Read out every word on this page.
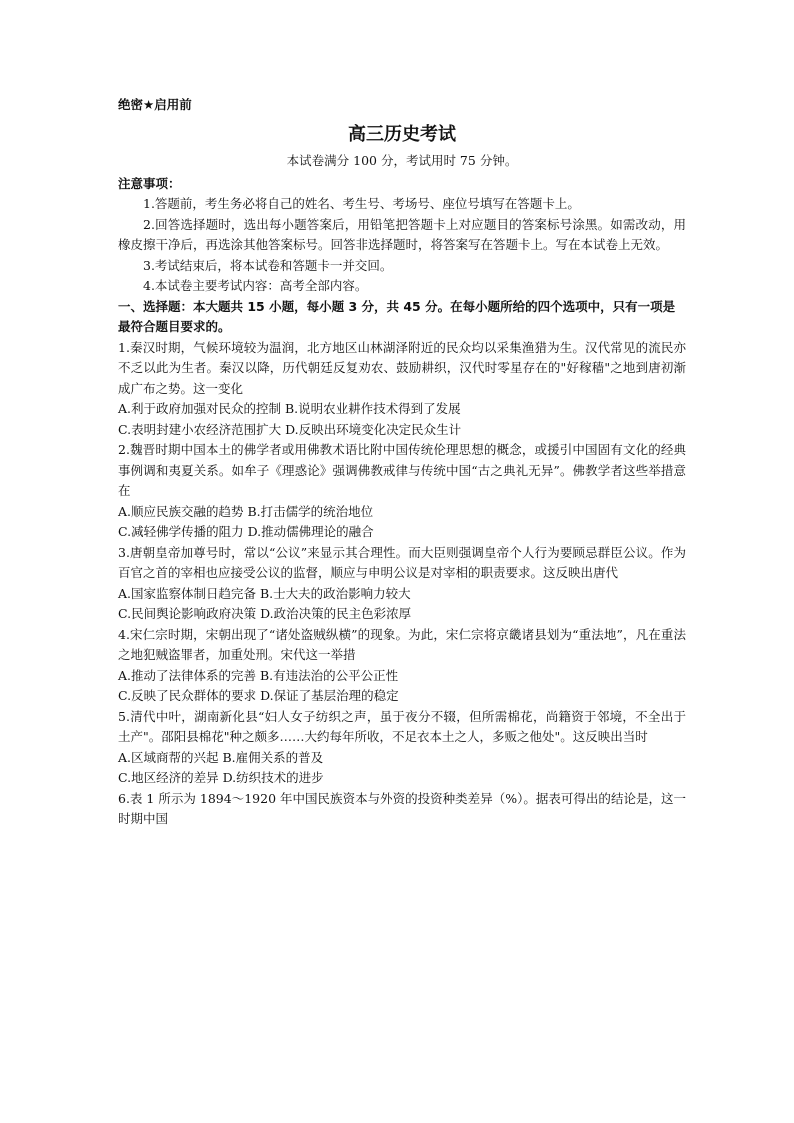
绝密★启用前

高三历史考试
本试卷满分 100 分，考试用时 75 分钟。
注意事项：

1.答题前，考生务必将自己的姓名、考生号、考场号、座位号填写在答题卡上。

2.回答选择题时，选出每小题答案后，用铅笔把答题卡上对应题目的答案标号涂黑。如需改动，用橡皮擦干净后，再选涂其他答案标号。回答非选择题时，将答案写在答题卡上。写在本试卷上无效。

3.考试结束后，将本试卷和答题卡一并交回。

4.本试卷主要考试内容：高考全部内容。

一、选择题：本大题共 15 小题，每小题 3 分，共 45 分。在每小题所给的四个选项中，只有一项是最符合题目要求的。

1.秦汉时期，气候环境较为温润，北方地区山林湖泽附近的民众均以采集渔猎为生。汉代常见的流民亦不乏以此为生者。秦汉以降，历代朝廷反复劝农、鼓励耕织，汉代时零星存在的"好稼穑"之地到唐初渐成广布之势。这一变化

A.利于政府加强对民众的控制 B.说明农业耕作技术得到了发展

C.表明封建小农经济范围扩大 D.反映出环境变化决定民众生计

2.魏晋时期中国本土的佛学者或用佛教术语比附中国传统伦理思想的概念，或援引中国固有文化的经典事例调和夷夏关系。如牟子《理惑论》强调佛教戒律与传统中国“古之典礼无异”。佛教学者这些举措意在

A.顺应民族交融的趋势 B.打击儒学的统治地位

C.减轻佛学传播的阻力 D.推动儒佛理论的融合

3.唐朝皇帝加尊号时，常以“公议”来显示其合理性。而大臣则强调皇帝个人行为要顾忌群臣公议。作为百官之首的宰相也应接受公议的监督，顺应与申明公议是对宰相的职责要求。这反映出唐代

A.国家监察体制日趋完备 B.士大夫的政治影响力较大

C.民间舆论影响政府决策 D.政治决策的民主色彩浓厚

4.宋仁宗时期，宋朝出现了“诸处盗贼纵横”的现象。为此，宋仁宗将京畿诸县划为“重法地”，凡在重法之地犯贼盗罪者，加重处刑。宋代这一举措

A.推动了法律体系的完善 B.有违法治的公平公正性

C.反映了民众群体的要求 D.保证了基层治理的稳定

5.清代中叶，湖南新化县“妇人女子纺织之声，虽于夜分不辍，但所需棉花，尚籍资于邻境，不全出于土产"。邵阳县棉花"种之颇多……大约每年所收，不足衣本土之人，多贩之他处"。这反映出当时

A.区域商帮的兴起 B.雇佣关系的普及

C.地区经济的差异 D.纺织技术的进步

6.表 1 所示为 1894～1920 年中国民族资本与外资的投资种类差异（%）。据表可得出的结论是，这一时期中国
